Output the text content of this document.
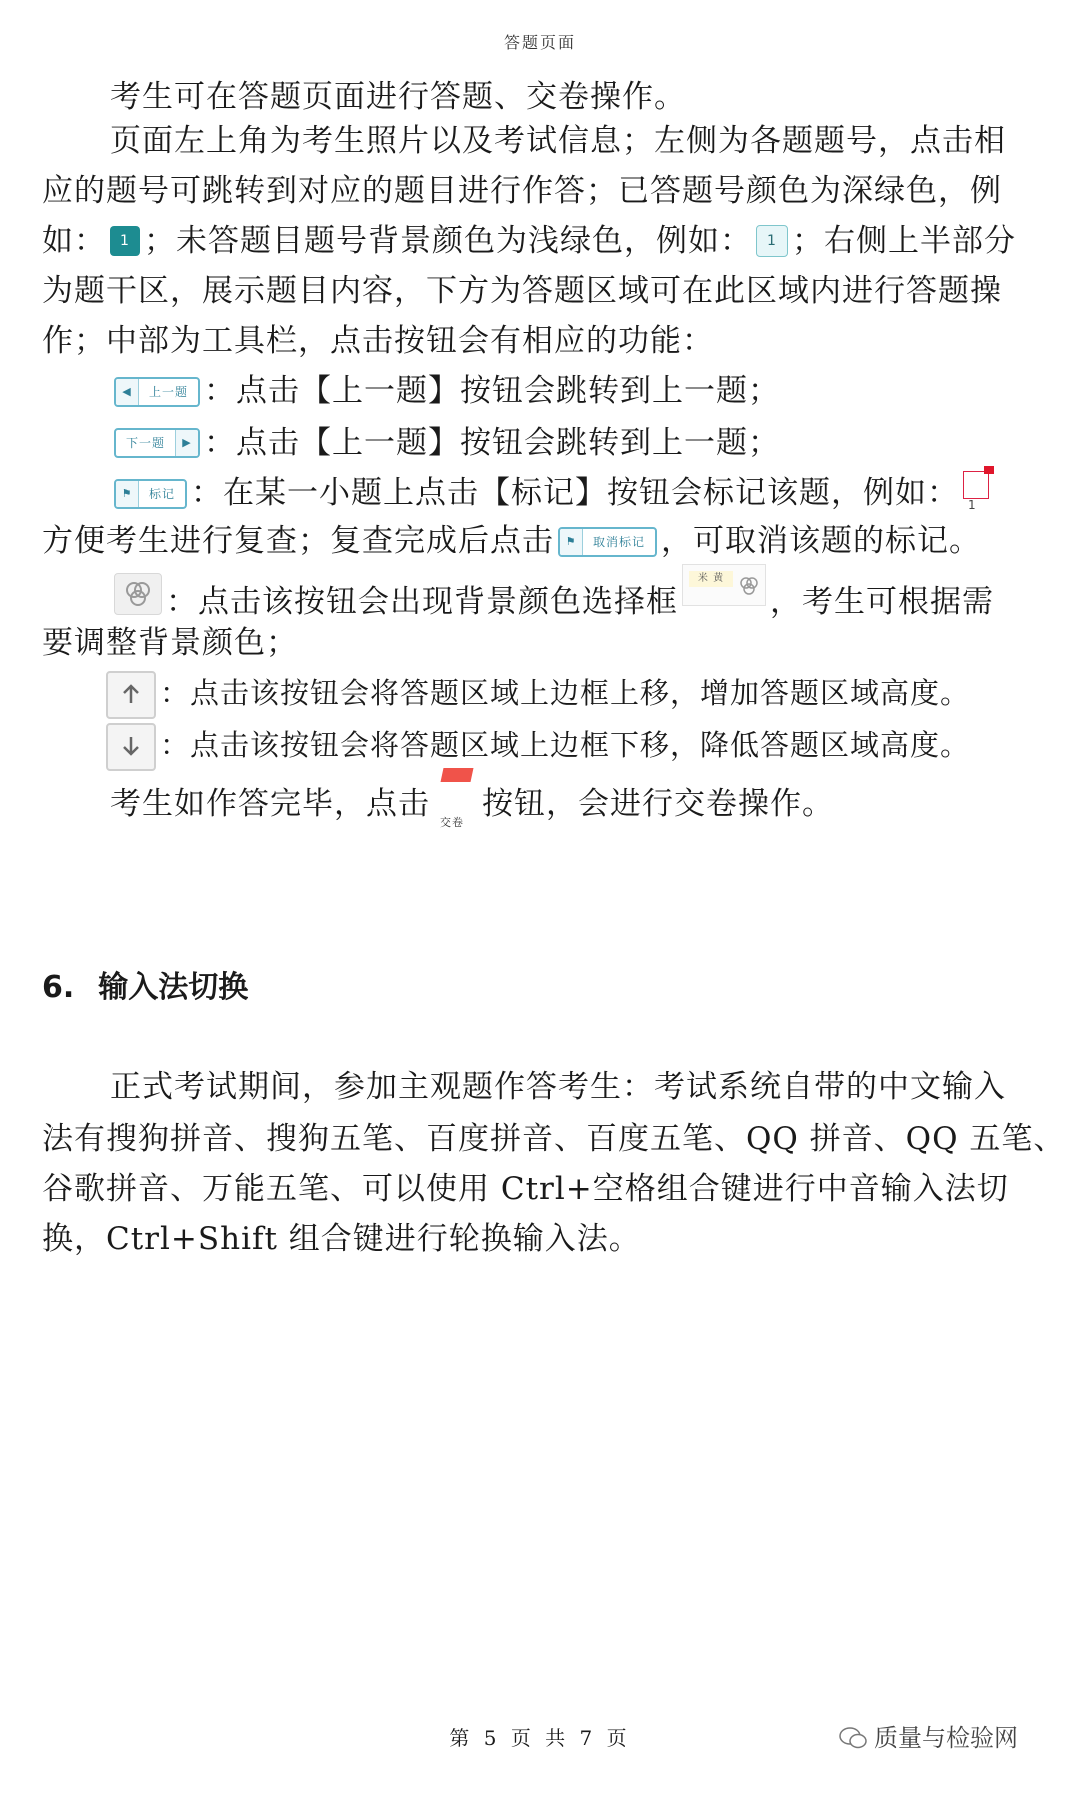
答题页面
考生可在答题页面进行答题、交卷操作。
页面左上角为考生照片以及考试信息；左侧为各题题号，点击相
应的题号可跳转到对应的题目进行作答；已答题号颜色为深绿色，例
如： 1 ；未答题目题号背景颜色为浅绿色，例如： 1 ；右侧上半部分
为题干区，展示题目内容，下方为答题区域可在此区域内进行答题操
作；中部为工具栏，点击按钮会有相应的功能：
◀	上一题 ：点击【上一题】按钮会跳转到上一题；
下一题	▶ ：点击【上一题】按钮会跳转到上一题；
⚑	标记 ：在某一小题上点击【标记】按钮会标记该题，例如： 1
方便考生进行复查；复查完成后点击	⚑	取消标记 ，可取消该题的标记。
：点击该按钮会出现背景颜色选择框
米 黄
，考生可根据需
要调整背景颜色；
：点击该按钮会将答题区域上边框上移，增加答题区域高度。
：点击该按钮会将答题区域上边框下移，降低答题区域高度。
考生如作答完毕，点击
交卷
按钮，会进行交卷操作。
6. 输入法切换
正式考试期间，参加主观题作答考生：考试系统自带的中文输入
法有搜狗拼音、搜狗五笔、百度拼音、百度五笔、QQ 拼音、QQ 五笔、
谷歌拼音、万能五笔、可以使用 Ctrl+空格组合键进行中音输入法切
换，Ctrl+Shift 组合键进行轮换输入法。
第 5 页 共 7 页	质量与检验网
